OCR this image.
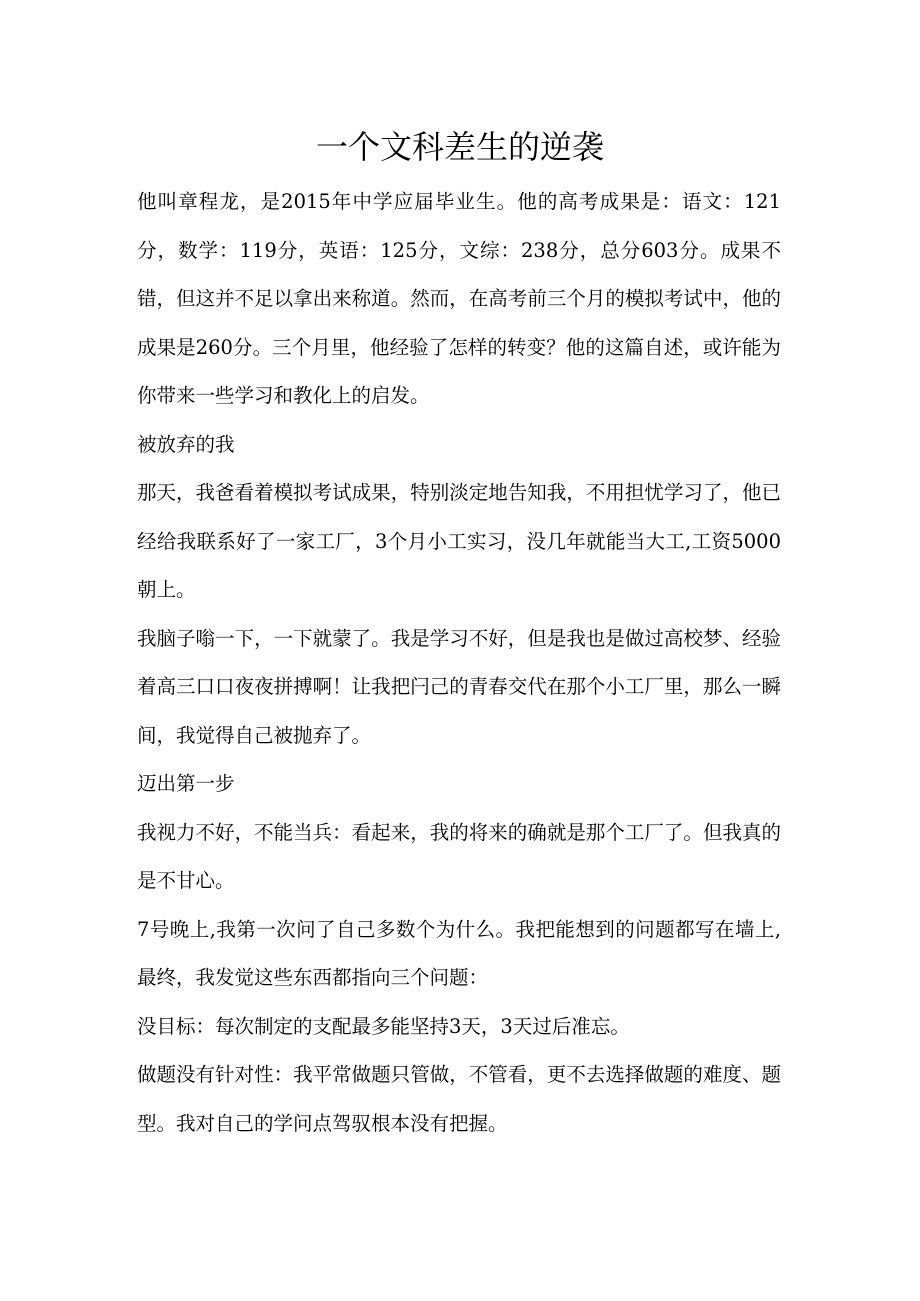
一个文科差生的逆袭

他叫章程龙，是2015年中学应届毕业生。他的高考成果是：语文：121分，数学：119分，英语：125分，文综：238分，总分603分。成果不错，但这并不足以拿出来称道。然而，在高考前三个月的模拟考试中，他的成果是260分。三个月里，他经验了怎样的转变？他的这篇自述，或许能为你带来一些学习和教化上的启发。

被放弃的我

那天，我爸看着模拟考试成果，特别淡定地告知我，不用担忧学习了，他已经给我联系好了一家工厂，3个月小工实习，没几年就能当大工,工资5000朝上。

我脑子嗡一下，一下就蒙了。我是学习不好，但是我也是做过高校梦、经验着高三口口夜夜拼搏啊！让我把闩己的青春交代在那个小工厂里，那么一瞬间，我觉得自己被抛弃了。

迈出第一步

我视力不好，不能当兵：看起来，我的将来的确就是那个工厂了。但我真的是不甘心。

7号晚上,我第一次问了自己多数个为什么。我把能想到的问题都写在墙上,最终，我发觉这些东西都指向三个问题：

没目标：每次制定的支配最多能坚持3天，3天过后准忘。

做题没有针对性：我平常做题只管做，不管看，更不去选择做题的难度、题型。我对自己的学问点驾驭根本没有把握。
